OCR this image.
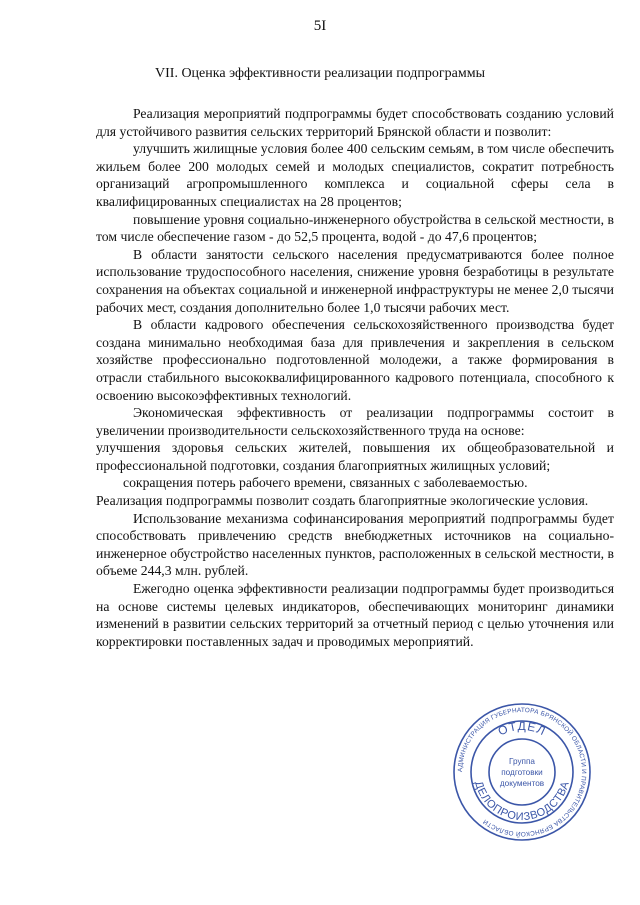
5I
VII. Оценка эффективности реализации подпрограммы

Реализация мероприятий подпрограммы будет способствовать созданию условий для устойчивого развития сельских территорий Брянской области и позволит:

улучшить жилищные условия более 400 сельским семьям, в том числе обеспечить жильем более 200 молодых семей и молодых специалистов, сократит потребность организаций агропромышленного комплекса и социальной сферы села в квалифицированных специалистах на 28 процентов;

повышение уровня социально-инженерного обустройства в сельской местности, в том числе обеспечение газом - до 52,5 процента, водой - до 47,6 процентов;

В области занятости сельского населения предусматриваются более полное использование трудоспособного населения, снижение уровня безработицы в результате сохранения на объектах социальной и инженерной инфраструктуры не менее 2,0 тысячи рабочих мест, создания дополнительно более 1,0 тысячи рабочих мест.

В области кадрового обеспечения сельскохозяйственного производства будет создана минимально необходимая база для привлечения и закрепления в сельском хозяйстве профессионально подготовленной молодежи, а также формирования в отрасли стабильного высококвалифицированного кадрового потенциала, способного к освоению высокоэффективных технологий.

Экономическая эффективность от реализации подпрограммы состоит в увеличении производительности сельскохозяйственного труда на основе:

улучшения здоровья сельских жителей, повышения их общеобразовательной и профессиональной подготовки, создания благоприятных жилищных условий;

сокращения потерь рабочего времени, связанных с заболеваемостью.

Реализация подпрограммы позволит создать благоприятные экологические условия.

Использование механизма софинансирования мероприятий подпрограммы будет способствовать привлечению средств внебюджетных источников на социально-инженерное обустройство населенных пунктов, расположенных в сельской местности, в объеме 244,3 млн. рублей.

Ежегодно оценка эффективности реализации подпрограммы будет производиться на основе системы целевых индикаторов, обеспечивающих мониторинг динамики изменений в развитии сельских территорий за отчетный период с целью уточнения или корректировки поставленных задач и проводимых мероприятий.

АДМИНИСТРАЦИЯ ГУБЕРНАТОРА БРЯНСКОЙ ОБЛАСТИ И ПРАВИТЕЛЬСТВА БРЯНСКОЙ ОБЛАСТИ
ОТДЕЛ
ДЕЛОПРОИЗВОДСТВА
Группа
подготовки
документов
